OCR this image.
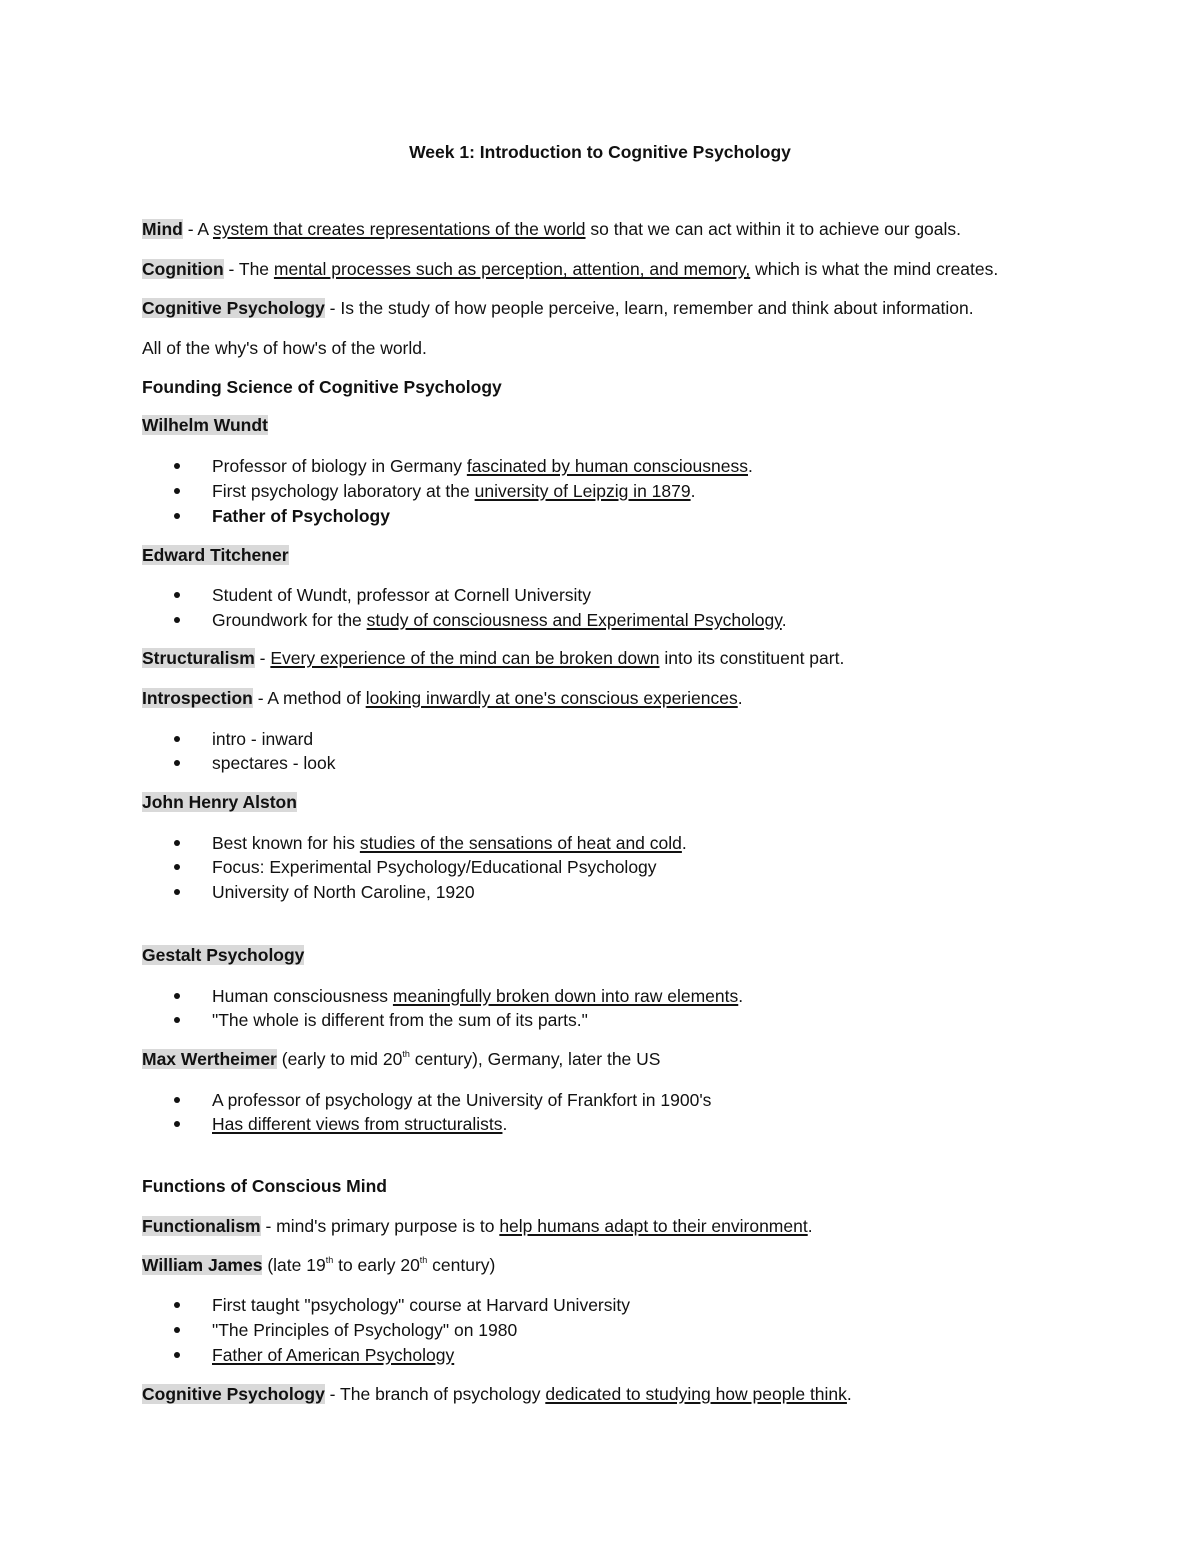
Week 1: Introduction to Cognitive Psychology
Mind - A system that creates representations of the world so that we can act within it to achieve our goals.
Cognition - The mental processes such as perception, attention, and memory, which is what the mind creates.
Cognitive Psychology - Is the study of how people perceive, learn, remember and think about information.
All of the why's of how's of the world.
Founding Science of Cognitive Psychology
Wilhelm Wundt
Professor of biology in Germany fascinated by human consciousness.
First psychology laboratory at the university of Leipzig in 1879.
Father of Psychology
Edward Titchener
Student of Wundt, professor at Cornell University
Groundwork for the study of consciousness and Experimental Psychology.
Structuralism - Every experience of the mind can be broken down into its constituent part.
Introspection - A method of looking inwardly at one's conscious experiences.
intro - inward
spectares - look
John Henry Alston
Best known for his studies of the sensations of heat and cold.
Focus: Experimental Psychology/Educational Psychology
University of North Caroline, 1920
Gestalt Psychology
Human consciousness meaningfully broken down into raw elements.
"The whole is different from the sum of its parts."
Max Wertheimer (early to mid 20th century), Germany, later the US
A professor of psychology at the University of Frankfort in 1900's
Has different views from structuralists.
Functions of Conscious Mind
Functionalism - mind's primary purpose is to help humans adapt to their environment.
William James (late 19th to early 20th century)
First taught "psychology" course at Harvard University
"The Principles of Psychology" on 1980
Father of American Psychology
Cognitive Psychology - The branch of psychology dedicated to studying how people think.
